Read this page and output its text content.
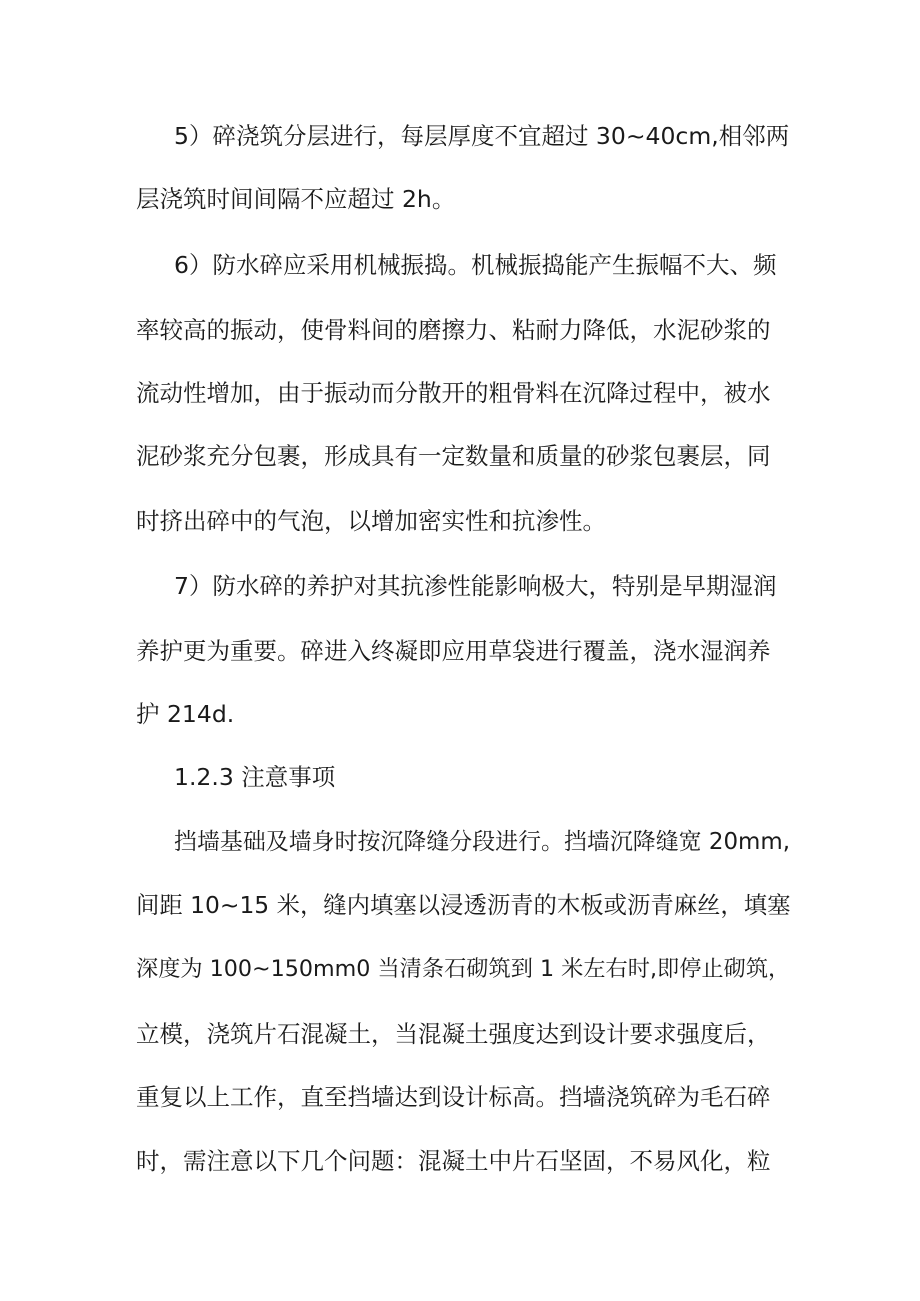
5）碎浇筑分层进行，每层厚度不宜超过 30~40cm,相邻两
层浇筑时间间隔不应超过 2h。
6）防水碎应采用机械振捣。机械振捣能产生振幅不大、频
率较高的振动，使骨料间的磨擦力、粘耐力降低，水泥砂浆的
流动性增加，由于振动而分散开的粗骨料在沉降过程中，被水
泥砂浆充分包裹，形成具有一定数量和质量的砂浆包裹层，同
时挤出碎中的气泡，以增加密实性和抗渗性。
7）防水碎的养护对其抗渗性能影响极大，特别是早期湿润
养护更为重要。碎进入终凝即应用草袋进行覆盖，浇水湿润养
护 214d.
1.2.3 注意事项
挡墙基础及墙身时按沉降缝分段进行。挡墙沉降缝宽 20mm,
间距 10~15 米，缝内填塞以浸透沥青的木板或沥青麻丝，填塞
深度为 100~150mm0 当清条石砌筑到 1 米左右时,即停止砌筑，
立模，浇筑片石混凝土，当混凝土强度达到设计要求强度后，
重复以上工作，直至挡墙达到设计标高。挡墙浇筑碎为毛石碎
时，需注意以下几个问题：混凝土中片石坚固，不易风化，粒
